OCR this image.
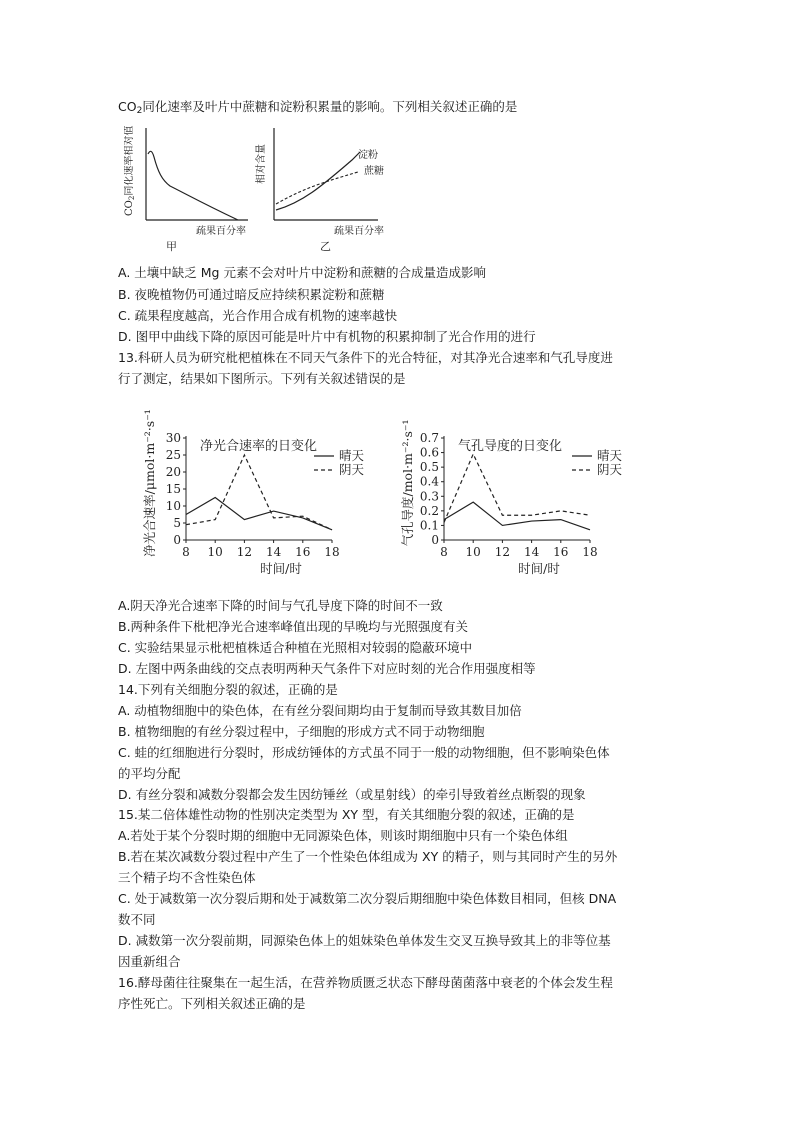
$CO_2$同化速率及叶片中蔗糖和淀粉积累量的影响。下列相关叙述正确的是
$CO_2$同化速率相对值
疏果百分率
甲
淀粉
蔗糖
相对含量
疏果百分率
乙
A. 土壤中缺乏 Mg 元素不会对叶片中淀粉和蔗糖的合成量造成影响
B. 夜晚植物仍可通过暗反应持续积累淀粉和蔗糖
C. 疏果程度越高，光合作用合成有机物的速率越快
D. 图甲中曲线下降的原因可能是叶片中有机物的积累抑制了光合作用的进行
13.科研人员为研究枇杷植株在不同天气条件下的光合特征，对其净光合速率和气孔导度进
行了测定，结果如下图所示。下列有关叙述错误的是
0
5
10
15
20
25
30
8 10 12 14 16 18
时间/时
净光合速率/μmol·m⁻²·s⁻¹	净光合速率的日变化
晴天
阴天
0
0.1
0.2
0.3
0.4
0.5
0.6
0.7
8 10 12 14 16 18
时间/时
气孔导度/mol·m⁻²·s⁻¹	气孔导度的日变化
晴天
阴天
A.阴天净光合速率下降的时间与气孔导度下降的时间不一致
B.两种条件下枇杷净光合速率峰值出现的早晚均与光照强度有关
C. 实验结果显示枇杷植株适合种植在光照相对较弱的隐蔽环境中
D. 左图中两条曲线的交点表明两种天气条件下对应时刻的光合作用强度相等
14.下列有关细胞分裂的叙述，正确的是
A. 动植物细胞中的染色体，在有丝分裂间期均由于复制而导致其数目加倍
B. 植物细胞的有丝分裂过程中，子细胞的形成方式不同于动物细胞
C. 蛙的红细胞进行分裂时，形成纺锤体的方式虽不同于一般的动物细胞，但不影响染色体
的平均分配
D. 有丝分裂和减数分裂都会发生因纺锤丝（或星射线）的牵引导致着丝点断裂的现象
15.某二倍体雄性动物的性别决定类型为 XY 型，有关其细胞分裂的叙述，正确的是
A.若处于某个分裂时期的细胞中无同源染色体，则该时期细胞中只有一个染色体组
B.若在某次减数分裂过程中产生了一个性染色体组成为 XY 的精子，则与其同时产生的另外
三个精子均不含性染色体
C. 处于减数第一次分裂后期和处于减数第二次分裂后期细胞中染色体数目相同，但核 DNA
数不同
D. 减数第一次分裂前期，同源染色体上的姐妹染色单体发生交叉互换导致其上的非等位基
因重新组合
16.酵母菌往往聚集在一起生活，在营养物质匮乏状态下酵母菌菌落中衰老的个体会发生程
序性死亡。下列相关叙述正确的是
